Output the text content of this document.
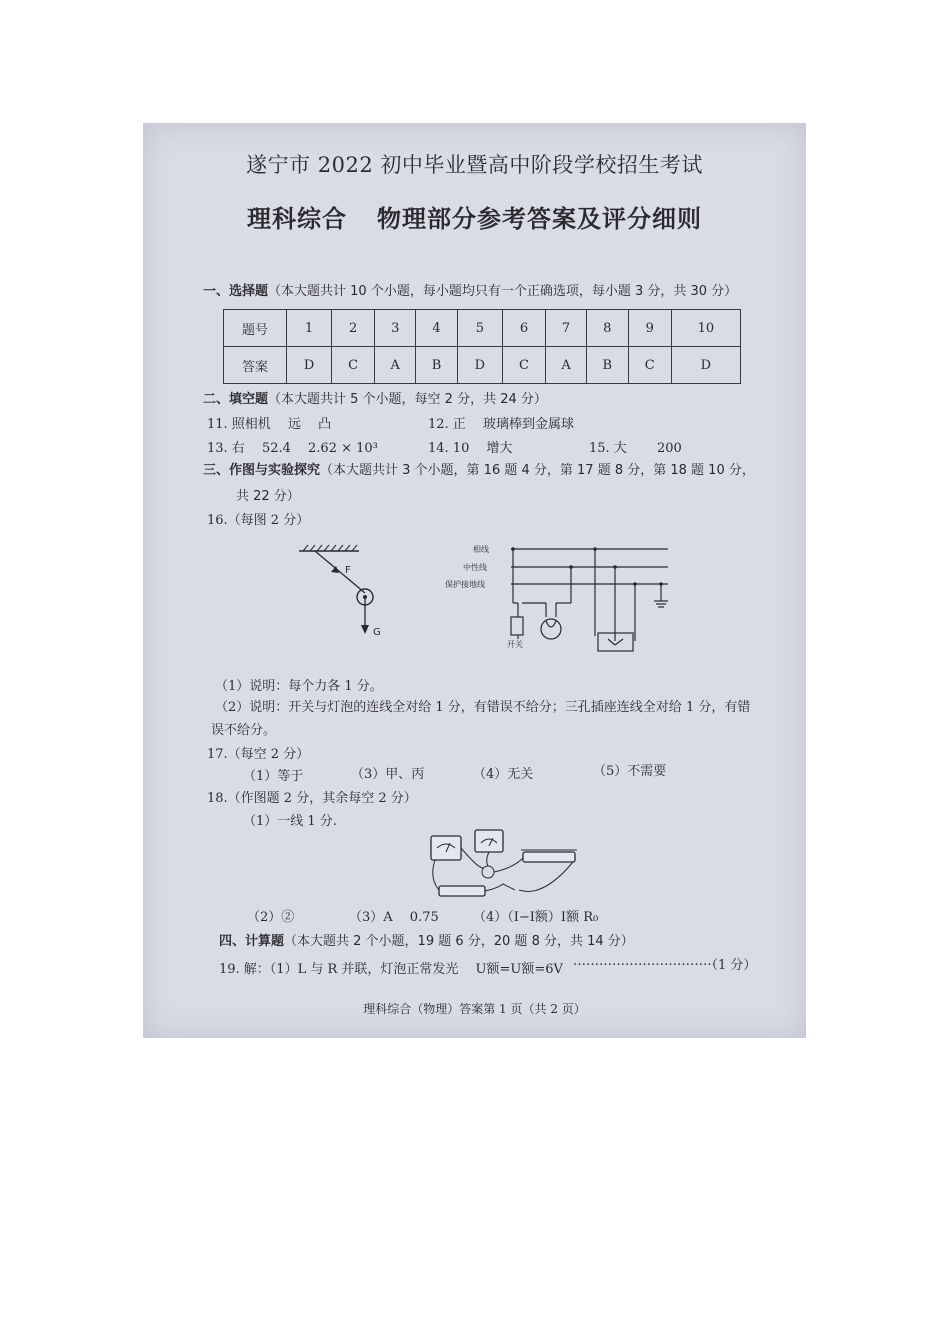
遂宁市 2022 初中毕业暨高中阶段学校招生考试
理科综合 物理部分参考答案及评分细则
一、选择题（本大题共计 10 个小题，每小题均只有一个正确选项，每小题 3 分，共 30 分）
题号	1	2	3	4	5	6	7	8	9	10
答案	D	C	A	B	D	C	A	B	C	D
二、填空题（本大题共计 5 个小题，每空 2 分，共 24 分）
11. 照相机　 远　 凸	12. 正　 玻璃棒到金属球
13. 右　 52.4　 2.62 × 10³	14. 10　 增大	15. 大　　 200
三、作图与实验探究（本大题共计 3 个小题，第 16 题 4 分，第 17 题 8 分，第 18 题 10 分，
共 22 分）
16.（每图 2 分）
F
G
相线
中性线
保护接地线
开关
（1）说明：每个力各 1 分。
（2）说明：开关与灯泡的连线全对给 1 分，有错误不给分；三孔插座连线全对给 1 分，有错
误不给分。
17.（每空 2 分）
（1）等于	（3）甲、丙	（4）无关	（5）不需要
18.（作图题 2 分，其余每空 2 分）
（1）一线 1 分.
（2）②	（3）A　 0.75	（4）（I−I额）I额 R₀
四、计算题（本大题共 2 个小题，19 题 6 分，20 题 8 分，共 14 分）
19. 解：（1）L 与 R 并联，灯泡正常发光　 U额=U额=6V
……………………………
（1 分）
理科综合（物理）答案第 1 页（共 2 页）
